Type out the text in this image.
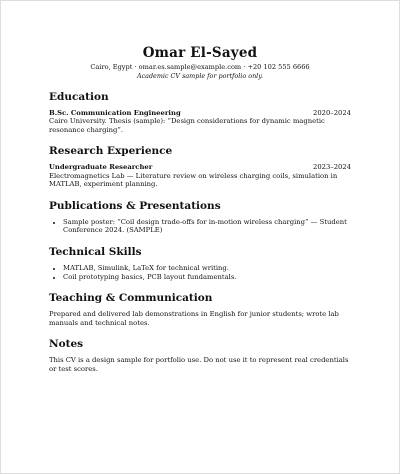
Omar El-Sayed
Cairo, Egypt · omar.es.sample@example.com · +20 102 555 6666
Academic CV sample for portfolio only.
Education
B.Sc. Communication Engineering	2020–2024
Cairo University. Thesis (sample): “Design considerations for dynamic magnetic resonance charging”.
Research Experience
Undergraduate Researcher	2023–2024
Electromagnetics Lab — Literature review on wireless charging coils, simulation in MATLAB, experiment planning.
Publications & Presentations
• Sample poster: “Coil design trade-offs for in-motion wireless charging” — Student Conference 2024. (SAMPLE)
Technical Skills
• MATLAB, Simulink, LaTeX for technical writing.
• Coil prototyping basics, PCB layout fundamentals.
Teaching & Communication
Prepared and delivered lab demonstrations in English for junior students; wrote lab manuals and technical notes.
Notes
This CV is a design sample for portfolio use. Do not use it to represent real credentials or test scores.
